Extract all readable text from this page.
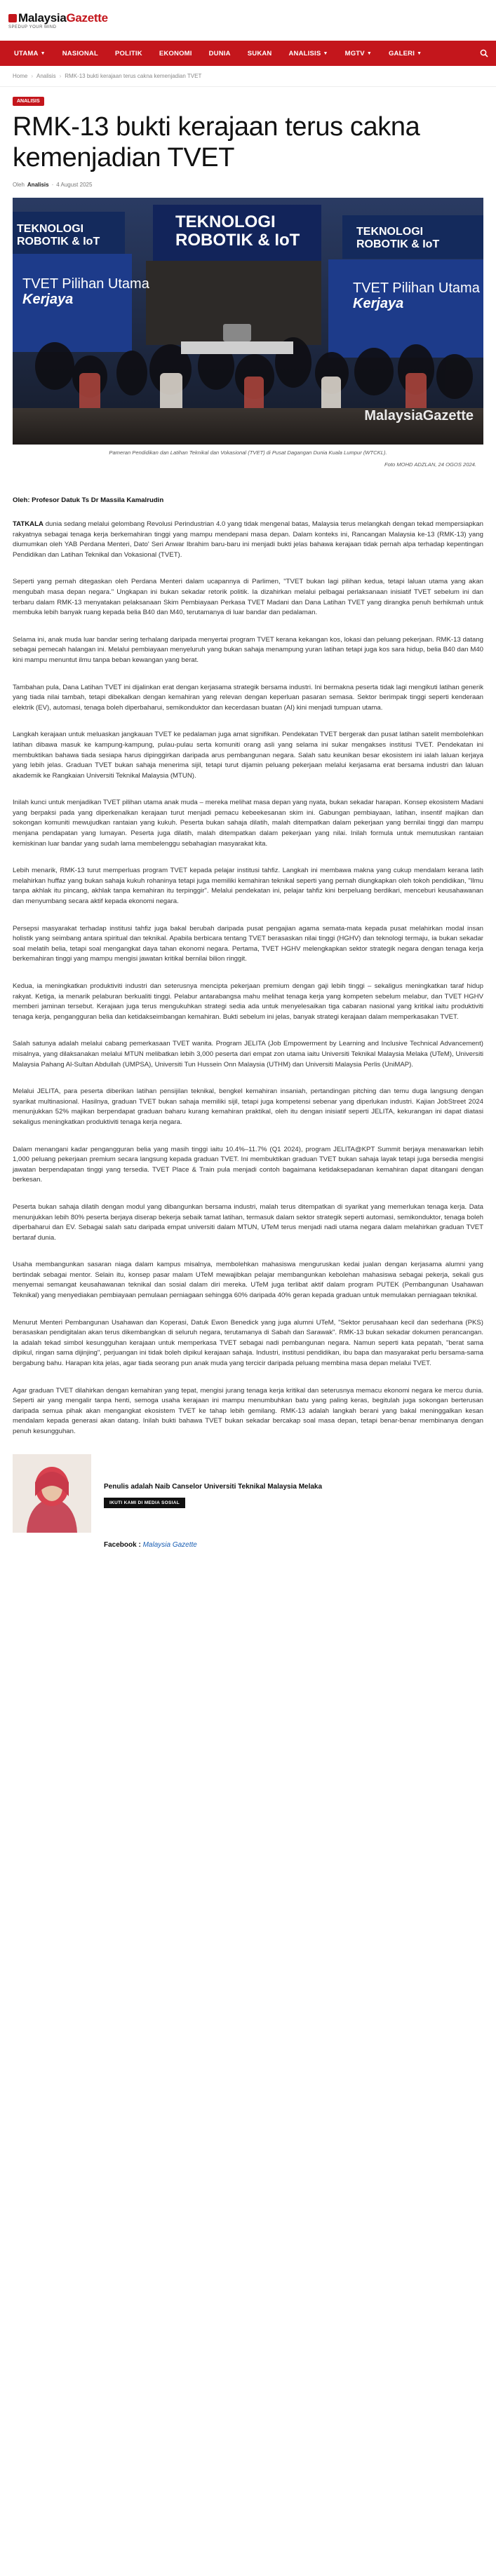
MalaysiaGazette
SPEDUP YOUR MIND
UTAMA ▼	NASIONAL	POLITIK	EKONOMI	DUNIA	SUKAN	ANALISIS ▼	MGTV ▼	GALERI ▼
Home › Analisis › RMK-13 bukti kerajaan terus cakna kemenjadian TVET
ANALISIS
RMK-13 bukti kerajaan terus cakna kemenjadian TVET
Oleh Analisis · 4 August 2025
TEKNOLOGI ROBOTIK & IoT
TEKNOLOGI ROBOTIK & IoT	TEKNOLOGI ROBOTIK & IoT
TVET Pilihan Utama
Kerjaya
TVET Pilihan Utama
Kerjaya
MalaysiaGazette
Pameran Pendidikan dan Latihan Teknikal dan Vokasional (TVET) di Pusat Dagangan Dunia Kuala Lumpur (WTCKL).
Foto MOHD ADZLAN, 24 OGOS 2024.
Oleh: Profesor Datuk Ts Dr Massila Kamalrudin

TATKALA dunia sedang melalui gelombang Revolusi Perindustrian 4.0 yang tidak mengenal batas, Malaysia terus melangkah dengan tekad mempersiapkan rakyatnya sebagai tenaga kerja berkemahiran tinggi yang mampu mendepani masa depan. Dalam konteks ini, Rancangan Malaysia ke-13 (RMK-13) yang diumumkan oleh YAB Perdana Menteri, Dato' Seri Anwar Ibrahim baru-baru ini menjadi bukti jelas bahawa kerajaan tidak pernah alpa terhadap kepentingan Pendidikan dan Latihan Teknikal dan Vokasional (TVET).

Seperti yang pernah ditegaskan oleh Perdana Menteri dalam ucapannya di Parlimen, "TVET bukan lagi pilihan kedua, tetapi laluan utama yang akan mengubah masa depan negara." Ungkapan ini bukan sekadar retorik politik. Ia dizahirkan melalui pelbagai perlaksanaan inisiatif TVET sebelum ini dan terbaru dalam RMK-13 menyatakan pelaksanaan Skim Pembiayaan Perkasa TVET Madani dan Dana Latihan TVET yang dirangka penuh berhikmah untuk membuka lebih banyak ruang kepada belia B40 dan M40, terutamanya di luar bandar dan pedalaman.

Selama ini, anak muda luar bandar sering terhalang daripada menyertai program TVET kerana kekangan kos, lokasi dan peluang pekerjaan. RMK-13 datang sebagai pemecah halangan ini. Melalui pembiayaan menyeluruh yang bukan sahaja menampung yuran latihan tetapi juga kos sara hidup, belia B40 dan M40 kini mampu menuntut ilmu tanpa beban kewangan yang berat.

Tambahan pula, Dana Latihan TVET ini dijalinkan erat dengan kerjasama strategik bersama industri. Ini bermakna peserta tidak lagi mengikuti latihan generik yang tiada nilai tambah, tetapi dibekalkan dengan kemahiran yang relevan dengan keperluan pasaran semasa. Sektor berimpak tinggi seperti kenderaan elektrik (EV), automasi, tenaga boleh diperbaharui, semikonduktor dan kecerdasan buatan (AI) kini menjadi tumpuan utama.

Langkah kerajaan untuk meluaskan jangkauan TVET ke pedalaman juga amat signifikan. Pendekatan TVET bergerak dan pusat latihan satelit membolehkan latihan dibawa masuk ke kampung-kampung, pulau-pulau serta komuniti orang asli yang selama ini sukar mengakses institusi TVET. Pendekatan ini membuktikan bahawa tiada sesiapa harus dipinggirkan daripada arus pembangunan negara. Salah satu keunikan besar ekosistem ini ialah laluan kerjaya yang lebih jelas. Graduan TVET bukan sahaja menerima sijil, tetapi turut dijamin peluang pekerjaan melalui kerjasama erat bersama industri dan laluan akademik ke Rangkaian Universiti Teknikal Malaysia (MTUN).

Inilah kunci untuk menjadikan TVET pilihan utama anak muda – mereka melihat masa depan yang nyata, bukan sekadar harapan. Konsep ekosistem Madani yang berpaksi pada yang diperkenalkan kerajaan turut menjadi pemacu kebeekesanan skim ini. Gabungan pembiayaan, latihan, insentif majikan dan sokongan komuniti mewujudkan rantaian yang kukuh. Peserta bukan sahaja dilatih, malah ditempatkan dalam pekerjaan yang bernilai tinggi dan mampu menjana pendapatan yang lumayan. Peserta juga dilatih, malah ditempatkan dalam pekerjaan yang nilai. Inilah formula untuk memutuskan rantaian kemiskinan luar bandar yang sudah lama membelenggu sebahagian masyarakat kita.

Lebih menarik, RMK-13 turut memperluas program TVET kepada pelajar institusi tahfiz. Langkah ini membawa makna yang cukup mendalam kerana latih melahirkan huffaz yang bukan sahaja kukuh rohaninya tetapi juga memiliki kemahiran teknikal seperti yang pernah diungkapkan oleh tokoh pendidikan, "Ilmu tanpa akhlak itu pincang, akhlak tanpa kemahiran itu terpinggir". Melalui pendekatan ini, pelajar tahfiz kini berpeluang berdikari, menceburi keusahawanan dan menyumbang secara aktif kepada ekonomi negara.

Persepsi masyarakat terhadap institusi tahfiz juga bakal berubah daripada pusat pengajian agama semata-mata kepada pusat melahirkan modal insan holistik yang seimbang antara spiritual dan teknikal. Apabila berbicara tentang TVET berasaskan nilai tinggi (HGHV) dan teknologi termaju, ia bukan sekadar soal melatih belia, tetapi soal mengangkat daya tahan ekonomi negara. Pertama, TVET HGHV melengkapkan sektor strategik negara dengan tenaga kerja berkemahiran tinggi yang mampu mengisi jawatan kritikal bernilai bilion ringgit.

Kedua, ia meningkatkan produktiviti industri dan seterusnya mencipta pekerjaan premium dengan gaji lebih tinggi – sekaligus meningkatkan taraf hidup rakyat. Ketiga, ia menarik pelaburan berkualiti tinggi. Pelabur antarabangsa mahu melihat tenaga kerja yang kompeten sebelum melabur, dan TVET HGHV memberi jaminan tersebut. Kerajaan juga terus mengukuhkan strategi sedia ada untuk menyelesaikan tiga cabaran nasional yang kritikal iaitu produktiviti tenaga kerja, pengangguran belia dan ketidakseimbangan kemahiran. Bukti sebelum ini jelas, banyak strategi kerajaan dalam memperkasakan TVET.

Salah satunya adalah melalui cabang pemerkasaan TVET wanita. Program JELITA (Job Empowerment by Learning and Inclusive Technical Advancement) misalnya, yang dilaksanakan melalui MTUN melibatkan lebih 3,000 peserta dari empat zon utama iaitu Universiti Teknikal Malaysia Melaka (UTeM), Universiti Malaysia Pahang Al-Sultan Abdullah (UMPSA), Universiti Tun Hussein Onn Malaysia (UTHM) dan Universiti Malaysia Perlis (UniMAP).

Melalui JELITA, para peserta diberikan latihan pensijilan teknikal, bengkel kemahiran insaniah, pertandingan pitching dan temu duga langsung dengan syarikat multinasional. Hasilnya, graduan TVET bukan sahaja memiliki sijil, tetapi juga kompetensi sebenar yang diperlukan industri. Kajian JobStreet 2024 menunjukkan 52% majikan berpendapat graduan baharu kurang kemahiran praktikal, oleh itu dengan inisiatif seperti JELITA, kekurangan ini dapat diatasi sekaligus meningkatkan produktiviti tenaga kerja negara.

Dalam menangani kadar pengangguran belia yang masih tinggi iaitu 10.4%–11.7% (Q1 2024), program JELITA@KPT Summit berjaya menawarkan lebih 1,000 peluang pekerjaan premium secara langsung kepada graduan TVET. Ini membuktikan graduan TVET bukan sahaja layak tetapi juga bersedia mengisi jawatan berpendapatan tinggi yang tersedia. TVET Place & Train pula menjadi contoh bagaimana ketidaksepadanan kemahiran dapat ditangani dengan berkesan.

Peserta bukan sahaja dilatih dengan modul yang dibangunkan bersama industri, malah terus ditempatkan di syarikat yang memerlukan tenaga kerja. Data menunjukkan lebih 80% peserta berjaya diserap bekerja sebaik tamat latihan, termasuk dalam sektor strategik seperti automasi, semikonduktor, tenaga boleh diperbaharui dan EV. Sebagai salah satu daripada empat universiti dalam MTUN, UTeM terus menjadi nadi utama negara dalam melahirkan graduan TVET bertaraf dunia.

Usaha membangunkan sasaran niaga dalam kampus misalnya, membolehkan mahasiswa menguruskan kedai jualan dengan kerjasama alumni yang bertindak sebagai mentor. Selain itu, konsep pasar malam UTeM mewajibkan pelajar membangunkan kebolehan mahasiswa sebagai pekerja, sekali gus menyemai semangat keusahawanan teknikal dan sosial dalam diri mereka. UTeM juga terlibat aktif dalam program PUTEK (Pembangunan Usahawan Teknikal) yang menyediakan pembiayaan pemulaan perniagaan sehingga 60% daripada 40% geran kepada graduan untuk memulakan perniagaan teknikal.

Menurut Menteri Pembangunan Usahawan dan Koperasi, Datuk Ewon Benedick yang juga alumni UTeM, "Sektor perusahaan kecil dan sederhana (PKS) berasaskan pendigitalan akan terus dikembangkan di seluruh negara, terutamanya di Sabah dan Sarawak". RMK-13 bukan sekadar dokumen perancangan. Ia adalah tekad simbol kesungguhan kerajaan untuk memperkasa TVET sebagai nadi pembangunan negara. Namun seperti kata pepatah, "berat sama dipikul, ringan sama dijinjing", perjuangan ini tidak boleh dipikul kerajaan sahaja. Industri, institusi pendidikan, ibu bapa dan masyarakat perlu bersama-sama bergabung bahu. Harapan kita jelas, agar tiada seorang pun anak muda yang tercicir daripada peluang membina masa depan melalui TVET.

Agar graduan TVET dilahirkan dengan kemahiran yang tepat, mengisi jurang tenaga kerja kritikal dan seterusnya memacu ekonomi negara ke mercu dunia. Seperti air yang mengalir tanpa henti, semoga usaha kerajaan ini mampu menumbuhkan batu yang paling keras, begitulah juga sokongan berterusan daripada semua pihak akan mengangkat ekosistem TVET ke tahap lebih gemilang. RMK-13 adalah langkah berani yang bakal meninggalkan kesan mendalam kepada generasi akan datang. Inilah bukti bahawa TVET bukan sekadar bercakap soal masa depan, tetapi benar-benar membinanya dengan penuh kesungguhan.

Penulis adalah Naib Canselor Universiti Teknikal Malaysia Melaka
IKUTI KAMI DI MEDIA SOSIAL
Facebook : Malaysia Gazette
